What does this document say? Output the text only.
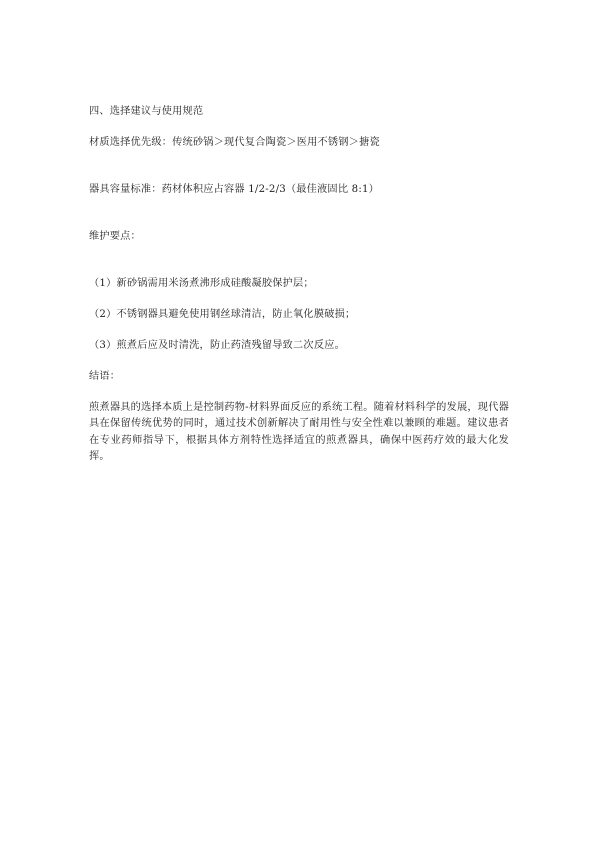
四、选择建议与使用规范
材质选择优先级：传统砂锅＞现代复合陶瓷＞医用不锈钢＞搪瓷
器具容量标准：药材体积应占容器 1/2-2/3（最佳液固比 8:1）
维护要点：
（1）新砂锅需用米汤煮沸形成硅酸凝胶保护层；
（2）不锈钢器具避免使用钢丝球清洁，防止氧化膜破损；
（3）煎煮后应及时清洗，防止药渣残留导致二次反应。
结语：
煎煮器具的选择本质上是控制药物-材料界面反应的系统工程。随着材料科学的发展，现代器具在保留传统优势的同时，通过技术创新解决了耐用性与安全性难以兼顾的难题。建议患者在专业药师指导下，根据具体方剂特性选择适宜的煎煮器具，确保中医药疗效的最大化发挥。
